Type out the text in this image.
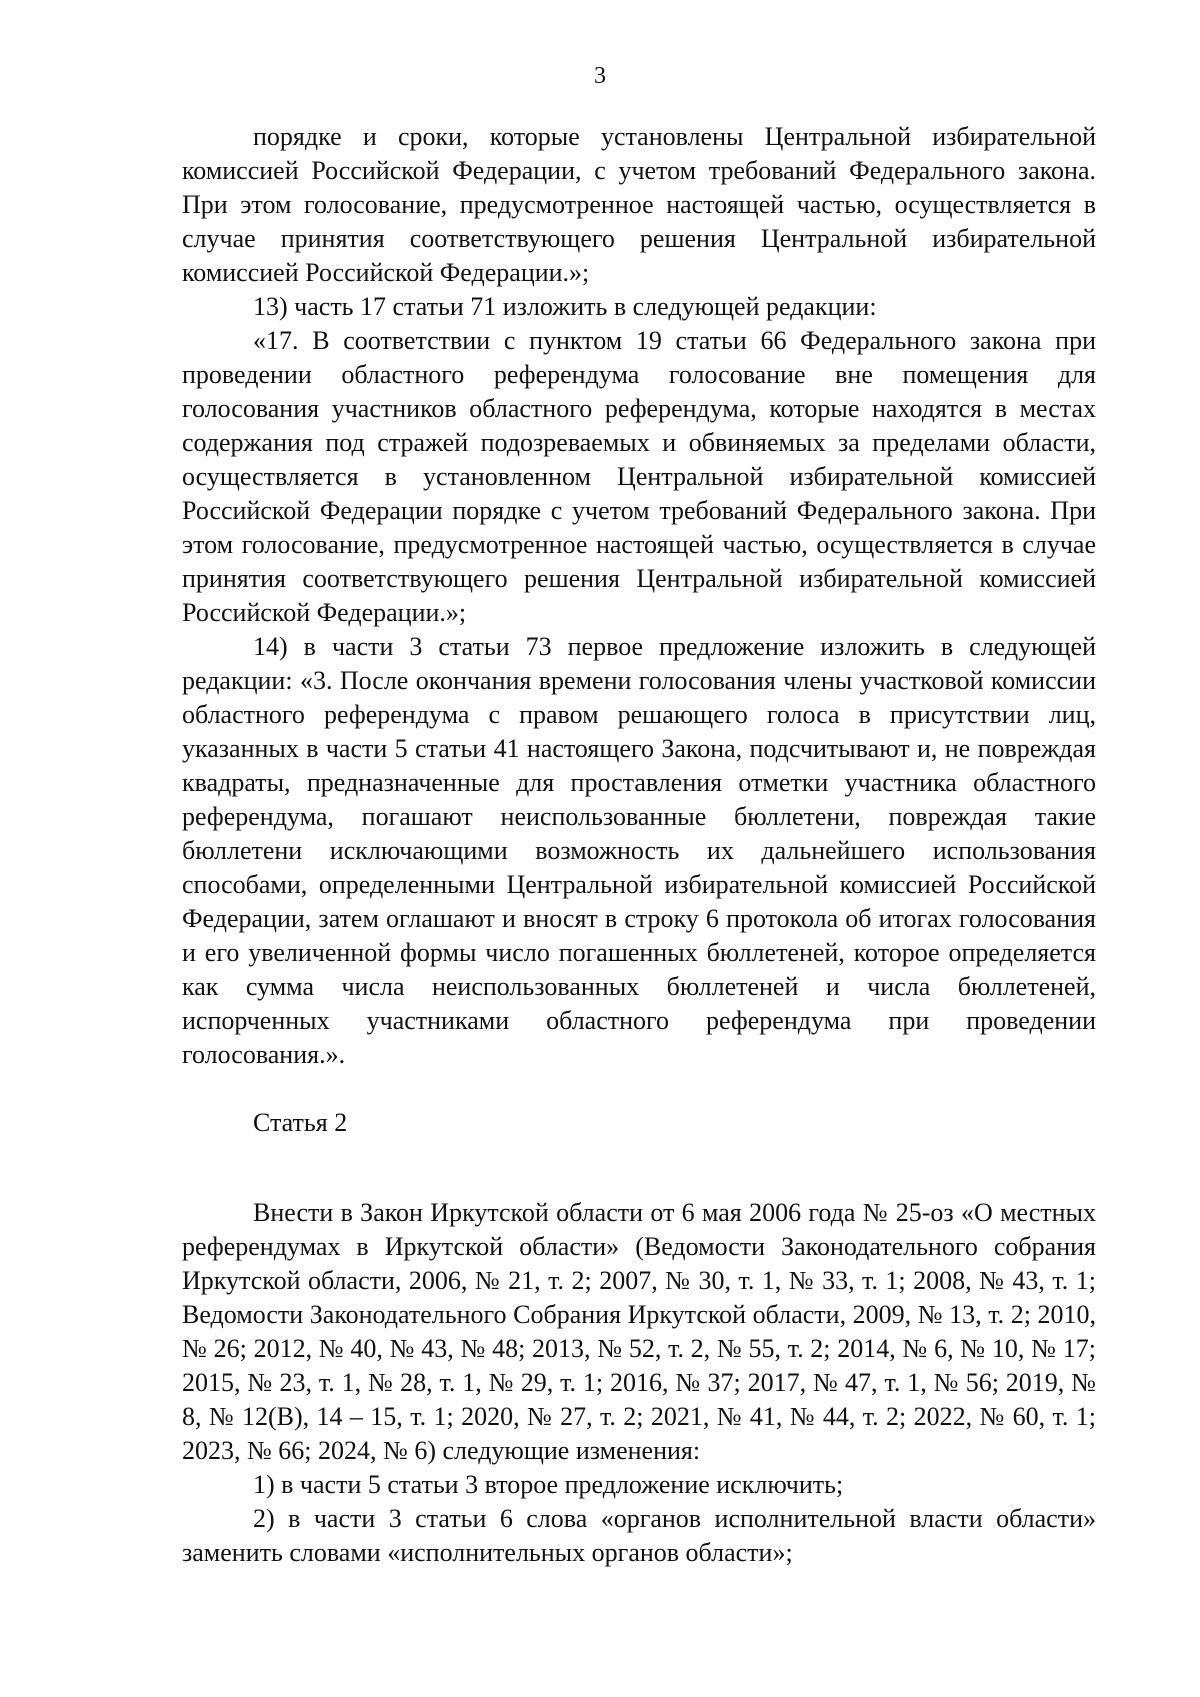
3

порядке и сроки, которые установлены Центральной избирательной комиссией Российской Федерации, с учетом требований Федерального закона. При этом голосование, предусмотренное настоящей частью, осуществляется в случае принятия соответствующего решения Центральной избирательной комиссией Российской Федерации.»;

13) часть 17 статьи 71 изложить в следующей редакции:

«17. В соответствии с пунктом 19 статьи 66 Федерального закона при проведении областного референдума голосование вне помещения для голосования участников областного референдума, которые находятся в местах содержания под стражей подозреваемых и обвиняемых за пределами области, осуществляется в установленном Центральной избирательной комиссией Российской Федерации порядке с учетом требований Федерального закона. При этом голосование, предусмотренное настоящей частью, осуществляется в случае принятия соответствующего решения Центральной избирательной комиссией Российской Федерации.»;

14) в части 3 статьи 73 первое предложение изложить в следующей редакции: «3. После окончания времени голосования члены участковой комиссии областного референдума с правом решающего голоса в присутствии лиц, указанных в части 5 статьи 41 настоящего Закона, подсчитывают и, не повреждая квадраты, предназначенные для проставления отметки участника областного референдума, погашают неиспользованные бюллетени, повреждая такие бюллетени исключающими возможность их дальнейшего использования способами, определенными Центральной избирательной комиссией Российской Федерации, затем оглашают и вносят в строку 6 протокола об итогах голосования и его увеличенной формы число погашенных бюллетеней, которое определяется как сумма числа неиспользованных бюллетеней и числа бюллетеней, испорченных участниками областного референдума при проведении голосования.».

Статья 2

Внести в Закон Иркутской области от 6 мая 2006 года № 25-оз «О местных референдумах в Иркутской области» (Ведомости Законодательного собрания Иркутской области, 2006, № 21, т. 2; 2007, № 30, т. 1, № 33, т. 1; 2008, № 43, т. 1; Ведомости Законодательного Собрания Иркутской области, 2009, № 13, т. 2; 2010, № 26; 2012, № 40, № 43, № 48; 2013, № 52, т. 2, № 55, т. 2; 2014, № 6, № 10, № 17; 2015, № 23, т. 1, № 28, т. 1, № 29, т. 1; 2016, № 37; 2017, № 47, т. 1, № 56; 2019, № 8, № 12(В), 14 – 15, т. 1; 2020, № 27, т. 2; 2021, № 41, № 44, т. 2; 2022, № 60, т. 1; 2023, № 66; 2024, № 6) следующие изменения:

1) в части 5 статьи 3 второе предложение исключить;

2) в части 3 статьи 6 слова «органов исполнительной власти области» заменить словами «исполнительных органов области»;
